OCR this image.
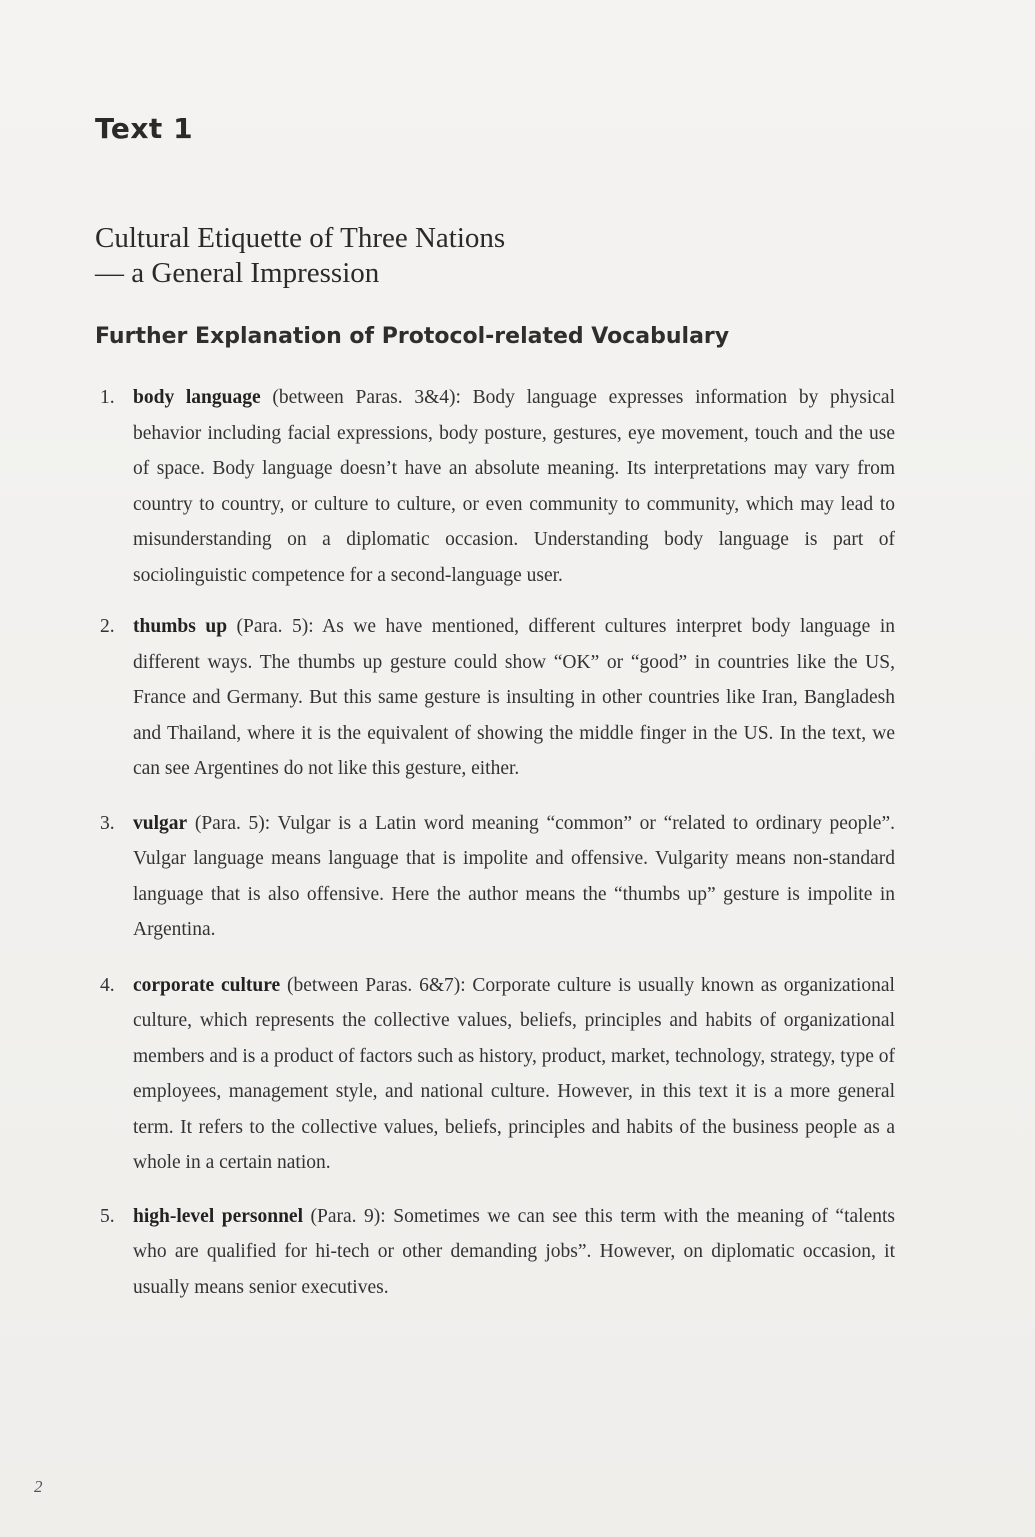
Text 1
Cultural Etiquette of Three Nations
— a General Impression
Further Explanation of Protocol-related Vocabulary
1. body language (between Paras. 3&4): Body language expresses information by physical behavior including facial expressions, body posture, gestures, eye movement, touch and the use of space. Body language doesn’t have an absolute meaning. Its interpretations may vary from country to country, or culture to culture, or even community to community, which may lead to misunderstanding on a diplomatic occasion. Understanding body language is part of sociolinguistic competence for a second-language user.
2. thumbs up (Para. 5): As we have mentioned, different cultures interpret body language in different ways. The thumbs up gesture could show “OK” or “good” in countries like the US, France and Germany. But this same gesture is insulting in other countries like Iran, Bangladesh and Thailand, where it is the equivalent of showing the middle finger in the US. In the text, we can see Argentines do not like this gesture, either.
3. vulgar (Para. 5): Vulgar is a Latin word meaning “common” or “related to ordinary people”. Vulgar language means language that is impolite and offensive. Vulgarity means non-standard language that is also offensive. Here the author means the “thumbs up” gesture is impolite in Argentina.
4. corporate culture (between Paras. 6&7): Corporate culture is usually known as organizational culture, which represents the collective values, beliefs, principles and habits of organizational members and is a product of factors such as history, product, market, technology, strategy, type of employees, management style, and national culture. However, in this text it is a more general term. It refers to the collective values, beliefs, principles and habits of the business people as a whole in a certain nation.
5. high-level personnel (Para. 9): Sometimes we can see this term with the meaning of “talents who are qualified for hi-tech or other demanding jobs”. However, on diplomatic occasion, it usually means senior executives.
2
